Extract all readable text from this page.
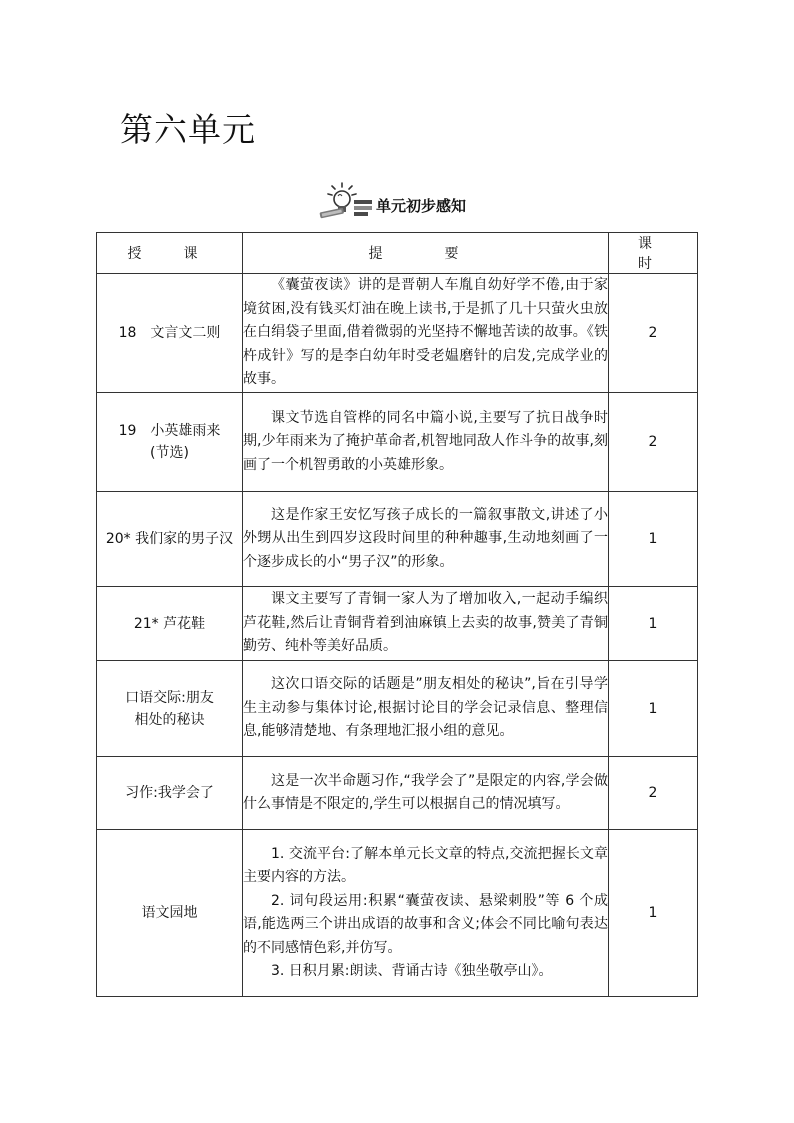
第六单元
单元初步感知
授　课	提　要	课　时

18　文言文二则	《囊萤夜读》讲的是晋朝人车胤自幼好学不倦,由于家境贫困,没有钱买灯油在晚上读书,于是抓了几十只萤火虫放在白绢袋子里面,借着微弱的光坚持不懈地苦读的故事。《铁杵成针》写的是李白幼年时受老媪磨针的启发,完成学业的故事。	2

19　小英雄雨来
(节选)	课文节选自管桦的同名中篇小说,主要写了抗日战争时期,少年雨来为了掩护革命者,机智地同敌人作斗争的故事,刻画了一个机智勇敢的小英雄形象。	2

20* 我们家的男子汉	这是作家王安忆写孩子成长的一篇叙事散文,讲述了小外甥从出生到四岁这段时间里的种种趣事,生动地刻画了一个逐步成长的小“男子汉”的形象。	1

21* 芦花鞋	课文主要写了青铜一家人为了增加收入,一起动手编织芦花鞋,然后让青铜背着到油麻镇上去卖的故事,赞美了青铜勤劳、纯朴等美好品质。	1

口语交际:朋友
相处的秘诀	这次口语交际的话题是”朋友相处的秘诀”,旨在引导学生主动参与集体讨论,根据讨论目的学会记录信息、整理信息,能够清楚地、有条理地汇报小组的意见。	1

习作:我学会了	这是一次半命题习作,“我学会了”是限定的内容,学会做什么事情是不限定的,学生可以根据自己的情况填写。	2

语文园地	1. 交流平台:了解本单元长文章的特点,交流把握长文章主要内容的方法。

2. 词句段运用:积累“囊萤夜读、悬梁刺股”等 6 个成语,能选两三个讲出成语的故事和含义;体会不同比喻句表达的不同感情色彩,并仿写。

3. 日积月累:朗读、背诵古诗《独坐敬亭山》。	1
